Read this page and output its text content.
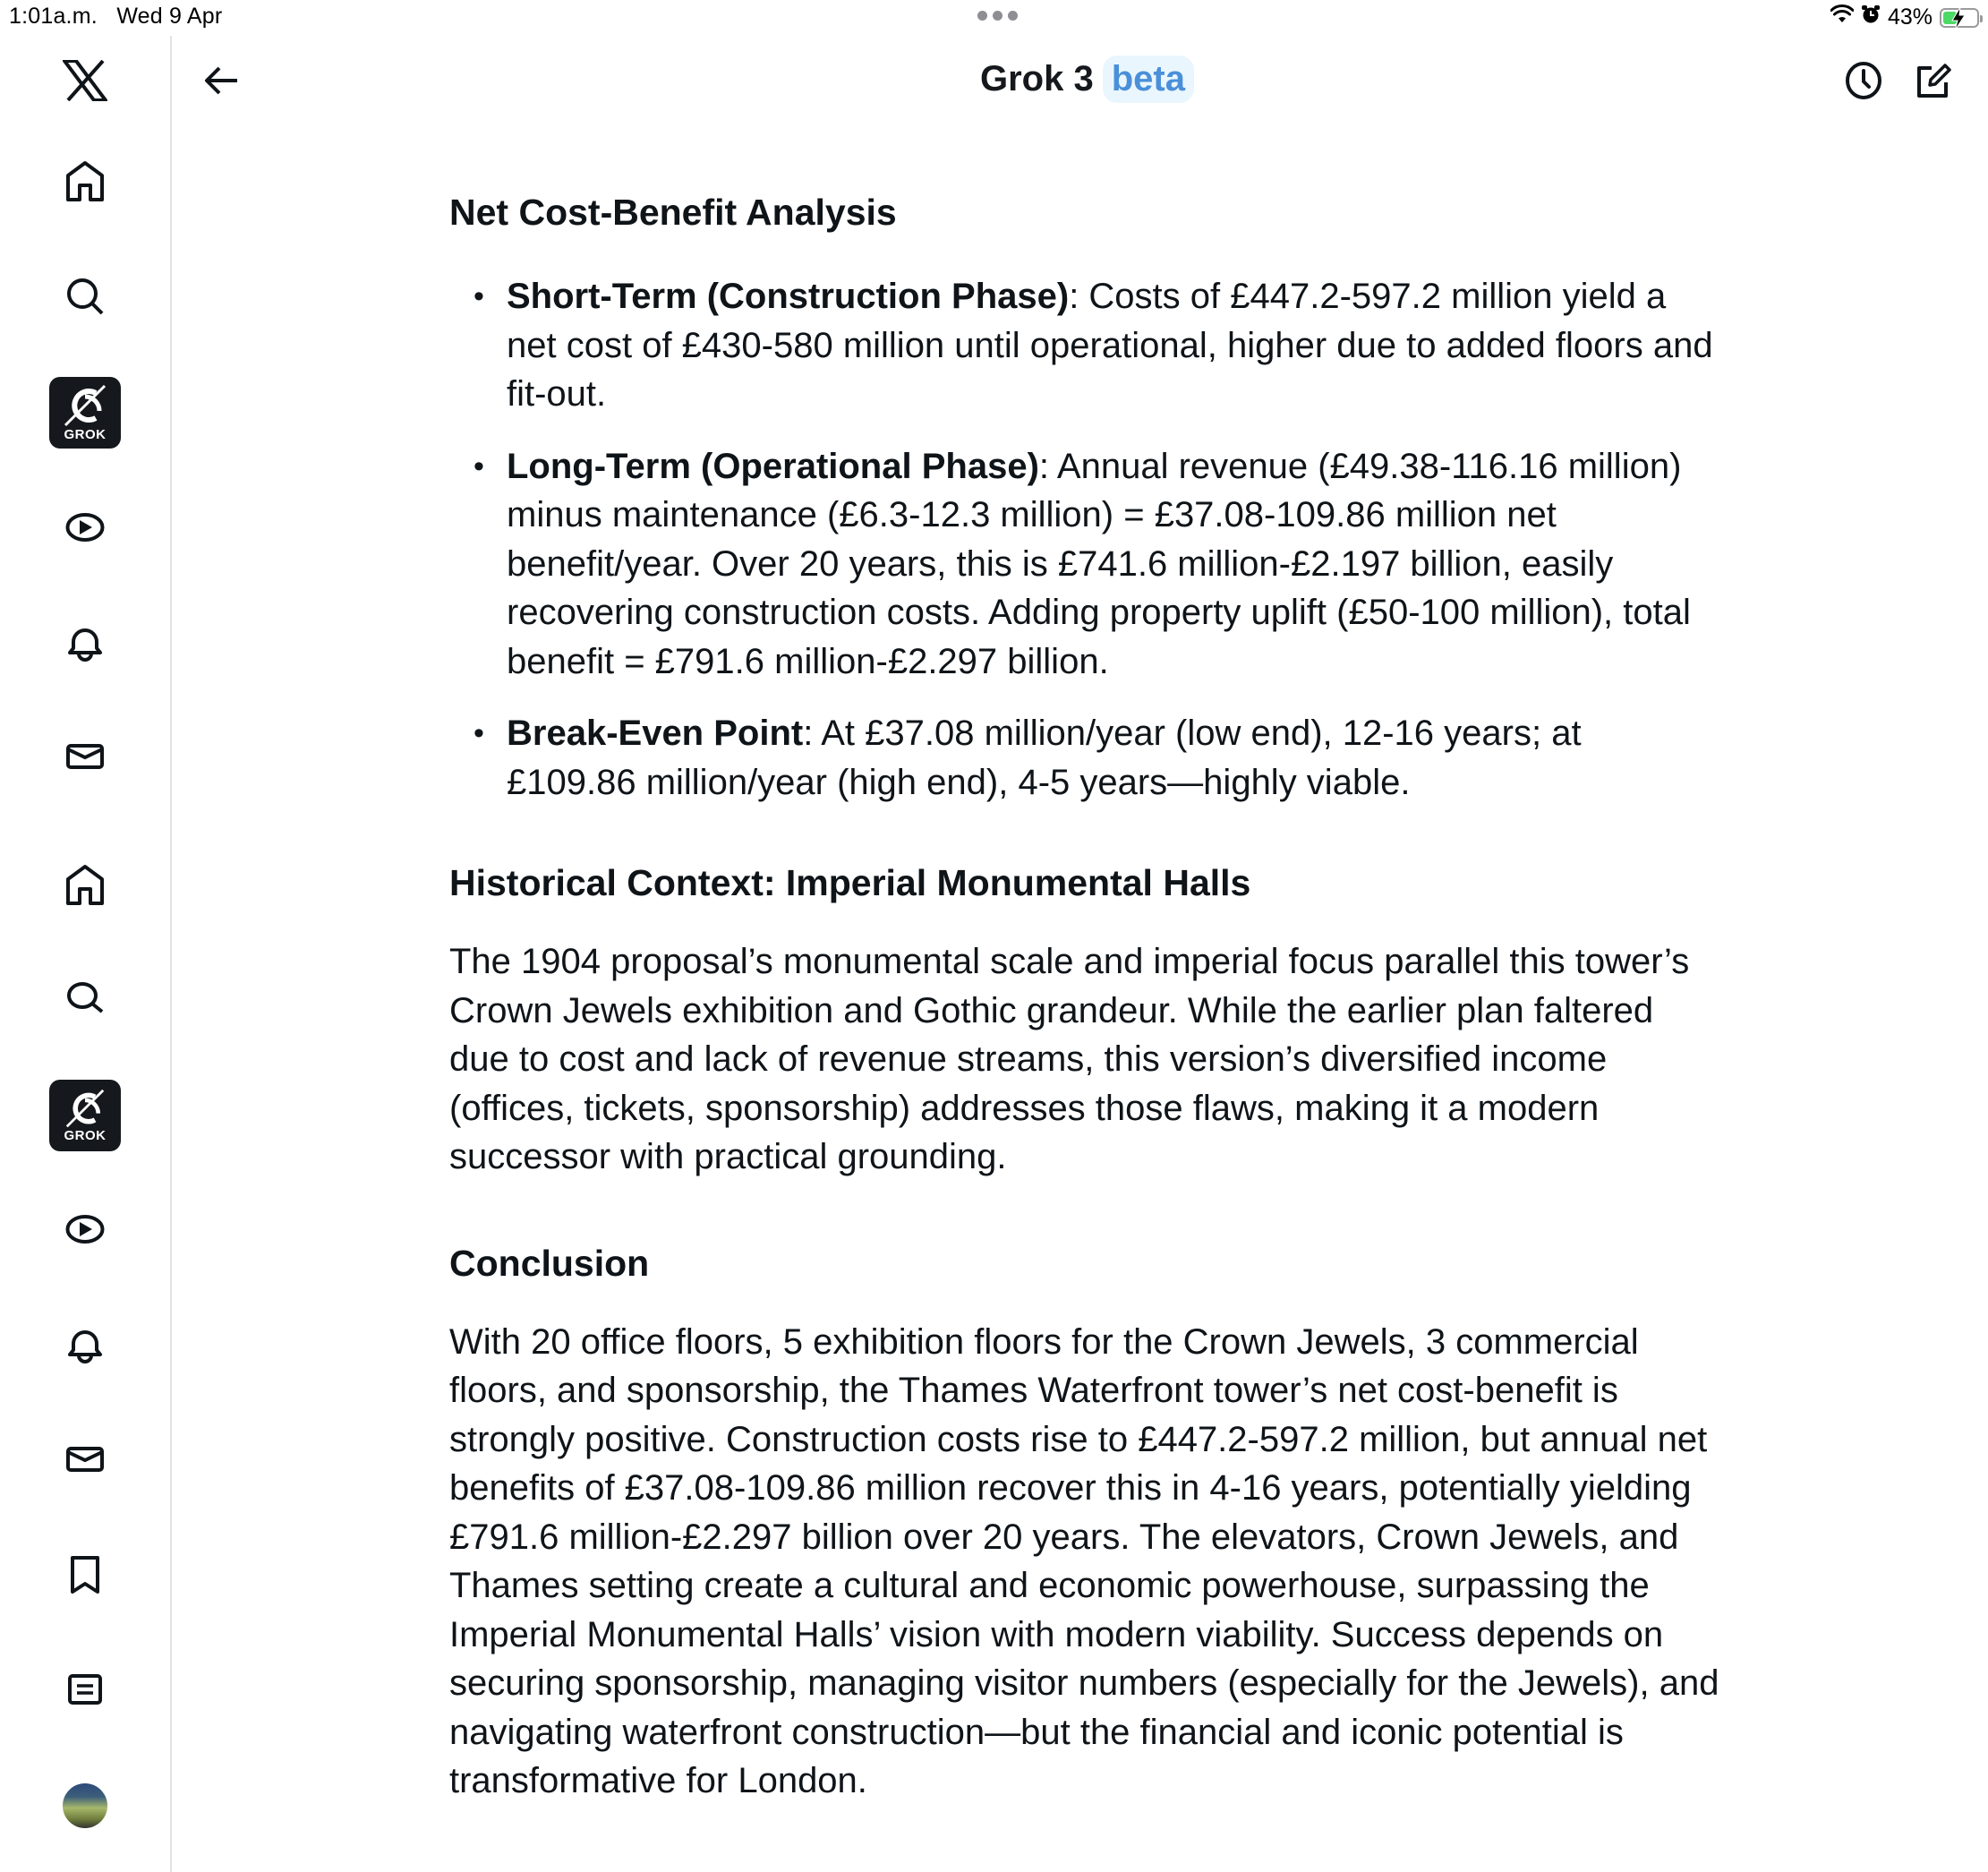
1:01a.m. Wed 9 Apr	43%
GROK
GROK
Grok 3 beta
Net Cost-Benefit Analysis
• Short-Term (Construction Phase): Costs of £447.2-597.2 million yield a net cost of £430-580 million until operational, higher due to added floors and fit-out.
• Long-Term (Operational Phase): Annual revenue (£49.38-116.16 million) minus maintenance (£6.3-12.3 million) = £37.08-109.86 million net benefit/year. Over 20 years, this is £741.6 million-£2.197 billion, easily recovering construction costs. Adding property uplift (£50-100 million), total benefit = £791.6 million-£2.297 billion.
• Break-Even Point: At £37.08 million/year (low end), 12-16 years; at £109.86 million/year (high end), 4-5 years—highly viable.
Historical Context: Imperial Monumental Halls

The 1904 proposal’s monumental scale and imperial focus parallel this tower’s Crown Jewels exhibition and Gothic grandeur. While the earlier plan faltered due to cost and lack of revenue streams, this version’s diversified income (offices, tickets, sponsorship) addresses those flaws, making it a modern successor with practical grounding.

Conclusion

With 20 office floors, 5 exhibition floors for the Crown Jewels, 3 commercial floors, and sponsorship, the Thames Waterfront tower’s net cost-benefit is strongly positive. Construction costs rise to £447.2-597.2 million, but annual net benefits of £37.08-109.86 million recover this in 4-16 years, potentially yielding £791.6 million-£2.297 billion over 20 years. The elevators, Crown Jewels, and Thames setting create a cultural and economic powerhouse, surpassing the Imperial Monumental Halls’ vision with modern viability. Success depends on securing sponsorship, managing visitor numbers (especially for the Jewels), and navigating waterfront construction—but the financial and iconic potential is transformative for London.
